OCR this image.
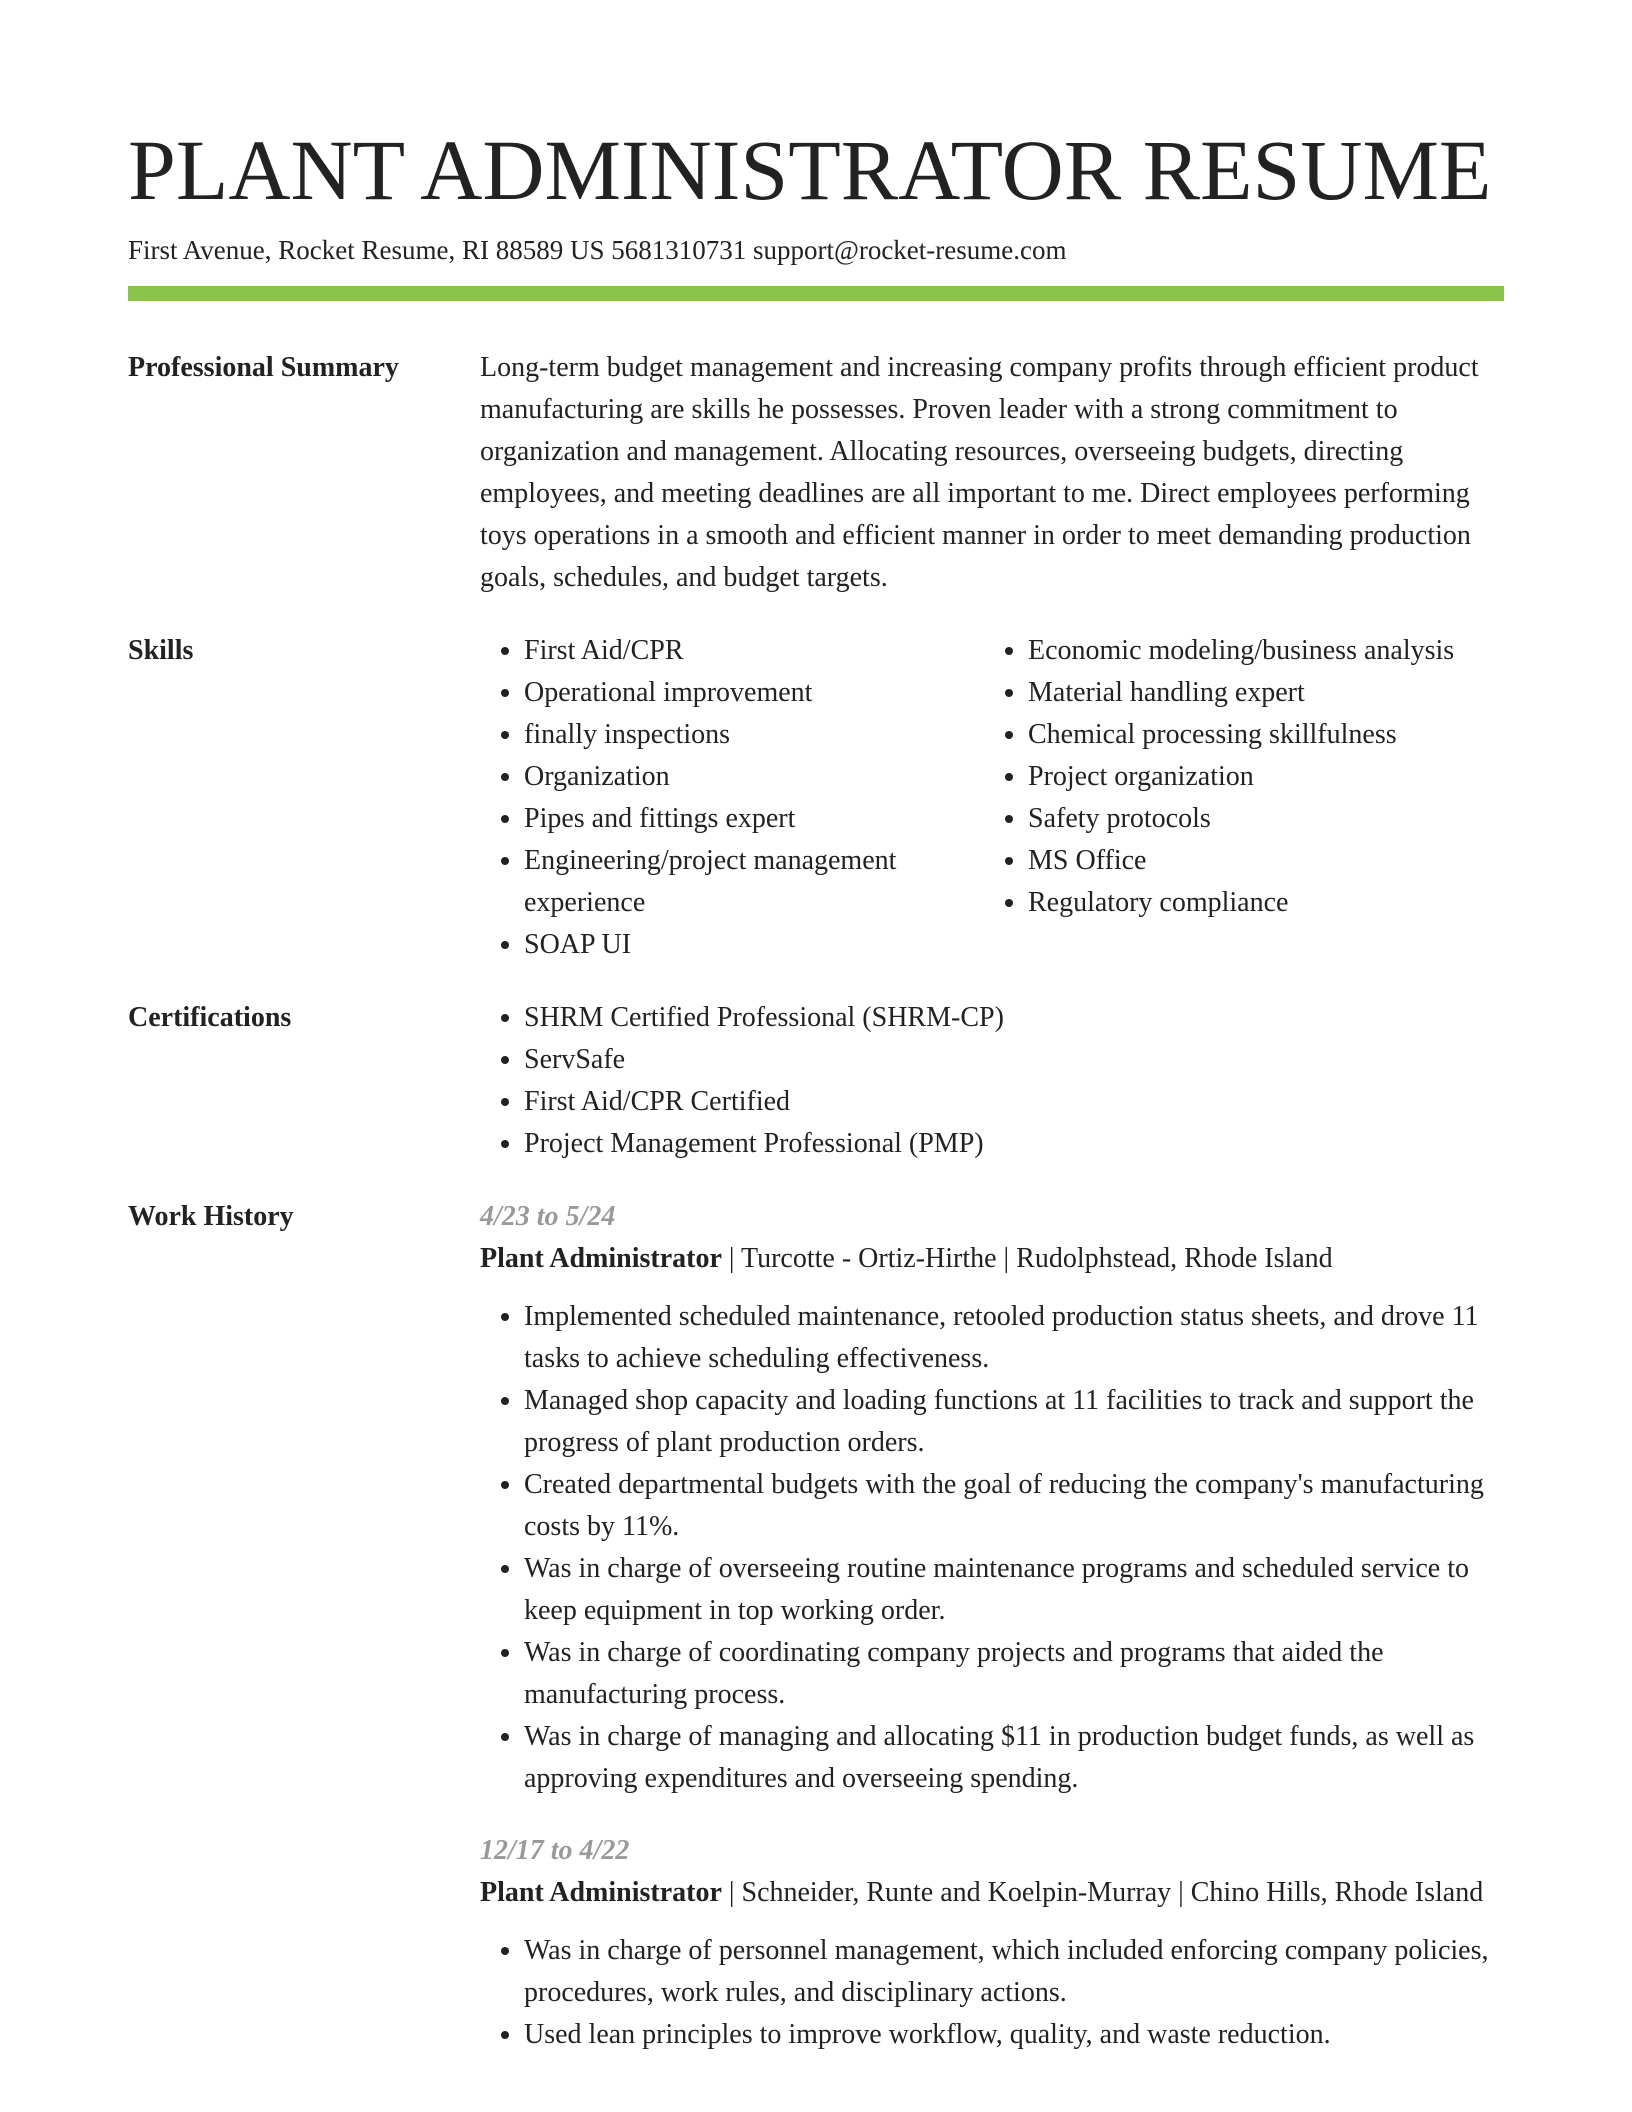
PLANT ADMINISTRATOR RESUME
First Avenue, Rocket Resume, RI 88589 US 5681310731 support@rocket-resume.com
Professional Summary	Long-term budget management and increasing company profits through efficient product manufacturing are skills he possesses. Proven leader with a strong commitment to organization and management. Allocating resources, overseeing budgets, directing employees, and meeting deadlines are all important to me. Direct employees performing toys operations in a smooth and efficient manner in order to meet demanding production goals, schedules, and budget targets.

Skills	• First Aid/CPR
• Operational improvement
• finally inspections
• Organization
• Pipes and fittings expert
• Engineering/project management experience
• SOAP UI
• Economic modeling/business analysis
• Material handling expert
• Chemical processing skillfulness
• Project organization
• Safety protocols
• MS Office
• Regulatory compliance
Certifications	• SHRM Certified Professional (SHRM-CP)
• ServSafe
• First Aid/CPR Certified
• Project Management Professional (PMP)
Work History	4/23 to 5/24
Plant Administrator | Turcotte - Ortiz-Hirthe | Rudolphstead, Rhode Island
• Implemented scheduled maintenance, retooled production status sheets, and drove 11 tasks to achieve scheduling effectiveness.
• Managed shop capacity and loading functions at 11 facilities to track and support the progress of plant production orders.
• Created departmental budgets with the goal of reducing the company's manufacturing costs by 11%.
• Was in charge of overseeing routine maintenance programs and scheduled service to keep equipment in top working order.
• Was in charge of coordinating company projects and programs that aided the manufacturing process.
• Was in charge of managing and allocating $11 in production budget funds, as well as approving expenditures and overseeing spending.
12/17 to 4/22
Plant Administrator | Schneider, Runte and Koelpin-Murray | Chino Hills, Rhode Island
• Was in charge of personnel management, which included enforcing company policies, procedures, work rules, and disciplinary actions.
• Used lean principles to improve workflow, quality, and waste reduction.
